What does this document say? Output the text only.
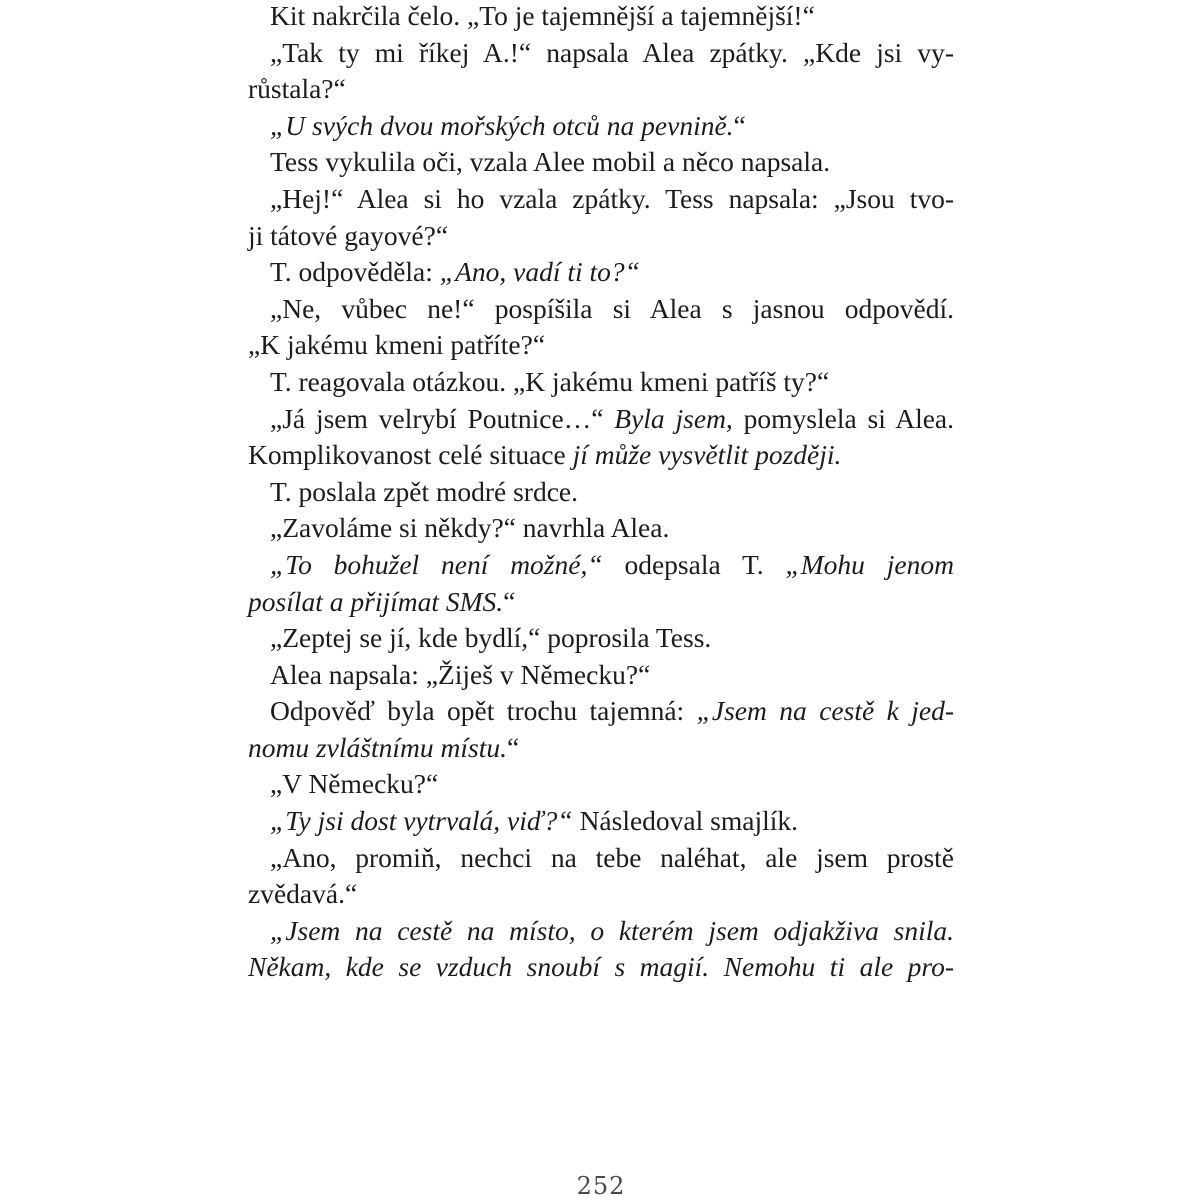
Kit nakrčila čelo. „To je tajemnější a tajemnější!“
„Tak ty mi říkej A.!“ napsala Alea zpátky. „Kde jsi vy-
růstala?“
„U svých dvou mořských otců na pevnině.“
Tess vykulila oči, vzala Alee mobil a něco napsala.
„Hej!“ Alea si ho vzala zpátky. Tess napsala: „Jsou tvo-
ji tátové gayové?“
T. odpověděla: „Ano, vadí ti to?“
„Ne, vůbec ne!“ pospíšila si Alea s jasnou odpovědí.
„K jakému kmeni patříte?“
T. reagovala otázkou. „K jakému kmeni patříš ty?“
„Já jsem velrybí Poutnice…“ Byla jsem, pomyslela si Alea.
Komplikovanost celé situace jí může vysvětlit později.
T. poslala zpět modré srdce.
„Zavoláme si někdy?“ navrhla Alea.
„To bohužel není možné,“ odepsala T. „Mohu jenom
posílat a přijímat SMS.“
„Zeptej se jí, kde bydlí,“ poprosila Tess.
Alea napsala: „Žiješ v Německu?“
Odpověď byla opět trochu tajemná: „Jsem na cestě k jed-
nomu zvláštnímu místu.“
„V Německu?“
„Ty jsi dost vytrvalá, viď?“ Následoval smajlík.
„Ano, promiň, nechci na tebe naléhat, ale jsem prostě
zvědavá.“
„Jsem na cestě na místo, o kterém jsem odjakživa snila.
Někam, kde se vzduch snoubí s magií. Nemohu ti ale pro-
252
